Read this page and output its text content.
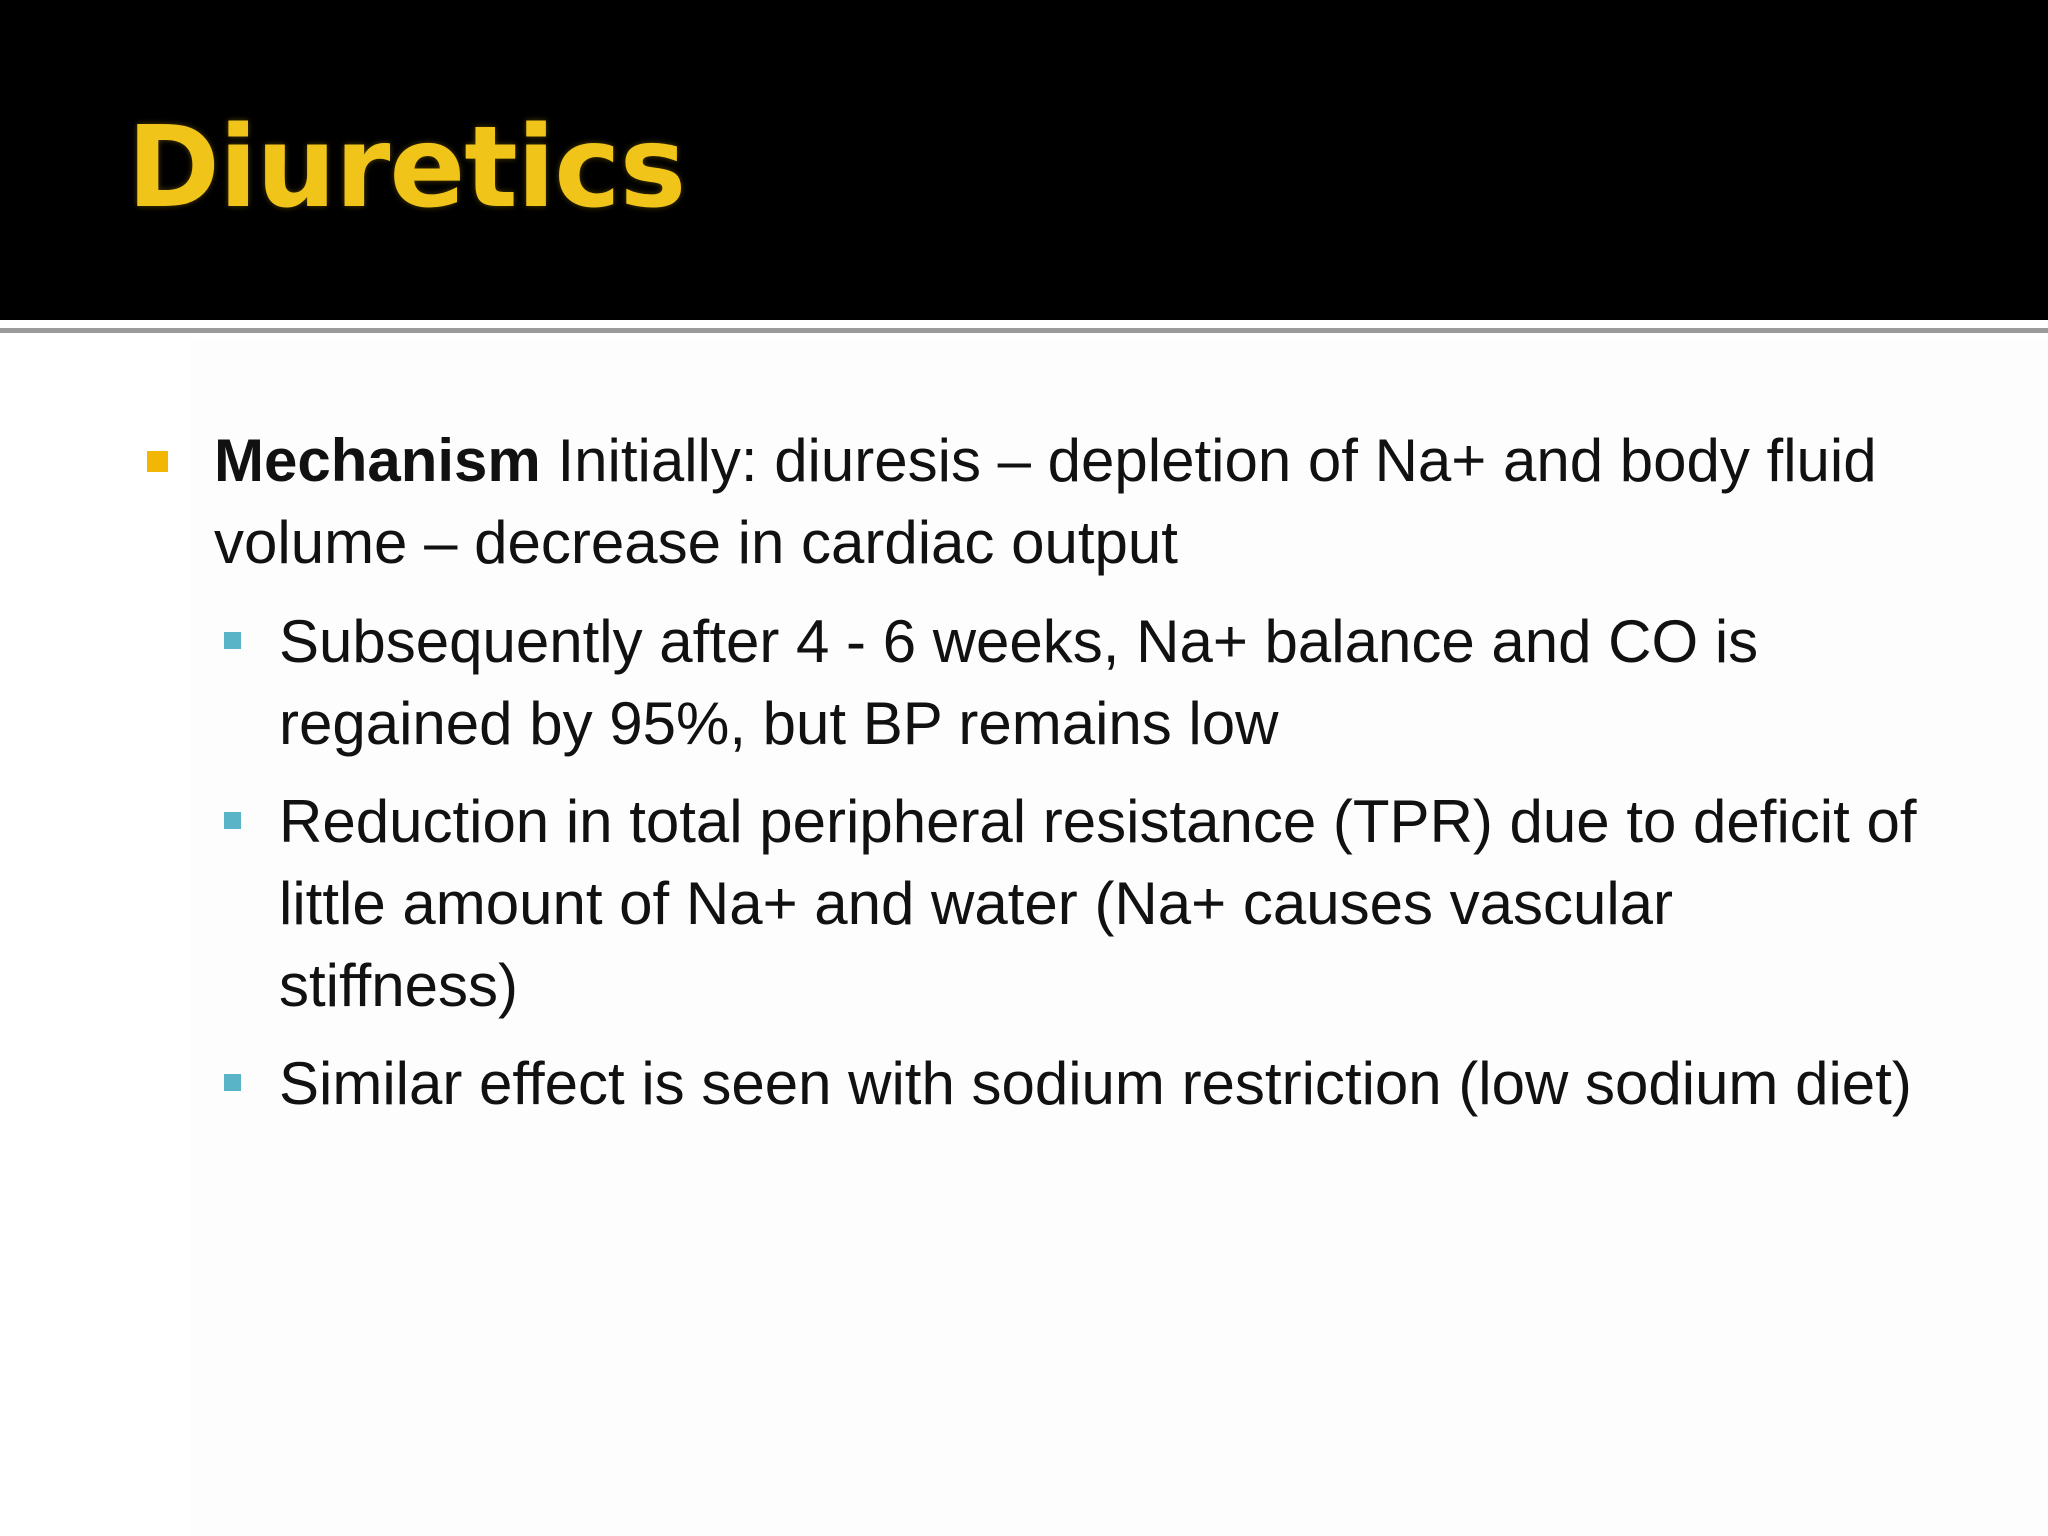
Diuretics
Mechanism Initially: diuresis – depletion of Na+ and body fluid volume – decrease in cardiac output
Subsequently after 4 - 6 weeks, Na+ balance and CO is regained by 95%, but BP remains low
Reduction in total peripheral resistance (TPR) due to deficit of little amount of Na+ and water (Na+ causes vascular stiffness)
Similar effect is seen with sodium restriction (low sodium diet)
